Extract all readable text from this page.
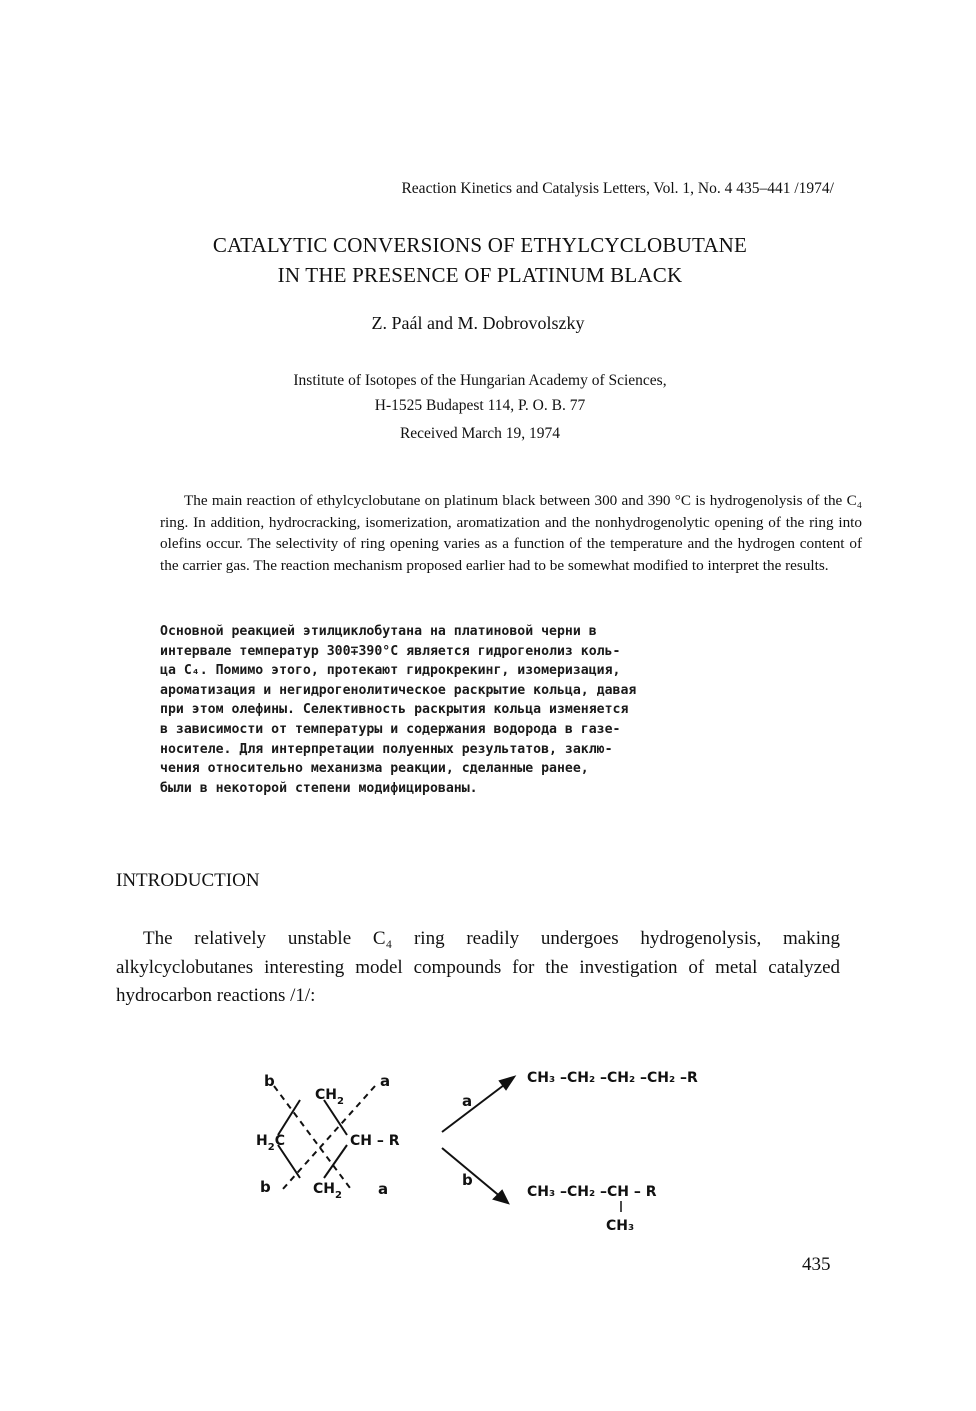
Reaction Kinetics and Catalysis Letters, Vol. 1, No. 4 435–441 /1974/
CATALYTIC CONVERSIONS OF ETHYLCYCLOBUTANE
IN THE PRESENCE OF PLATINUM BLACK
Z. Paál and M. Dobrovolszky
Institute of Isotopes of the Hungarian Academy of Sciences,
H-1525 Budapest 114, P. O. B. 77
Received March 19, 1974

The main reaction of ethylcyclobutane on platinum black between 300 and 390 °C is hydrogenolysis of the C₄ ring. In addition, hydrocracking, isomerization, aromatization and the nonhydrogenolytic opening of the ring into olefins occur. The selectivity of ring opening varies as a function of the temperature and the hydrogen content of the carrier gas. The reaction mechanism proposed earlier had to be somewhat modified to interpret the results.

Основной реакцией этилциклобутана на платиновой черни в
интервале температур 300∓390°C является гидрогенолиз коль-
ца C₄. Помимо этого, протекают гидрокрекинг, изомеризация,
ароматизация и негидрогенолитическое раскрытие кольца, давая
при этом олефины. Селективность раскрытия кольца изменяется
в зависимости от температуры и содержания водорода в газе-
носителе. Для интерпретации полуенных результатов, заклю-
чения относительно механизма реакции, сделанные ранее,
были в некоторой степени модифицированы.
INTRODUCTION

The relatively unstable C₄ ring readily undergoes hydrogenolysis, making alkylcyclobutanes interesting model compounds for the investigation of metal catalyzed hydrocarbon reactions /1/:

b	a
b	a
$CH_2$
$H_2C$	CH – R
$CH_2$
a
b
CH₃ –CH₂ –CH₂ –CH₂ –R
CH₃ –CH₂ –CH – R
CH₃
435
